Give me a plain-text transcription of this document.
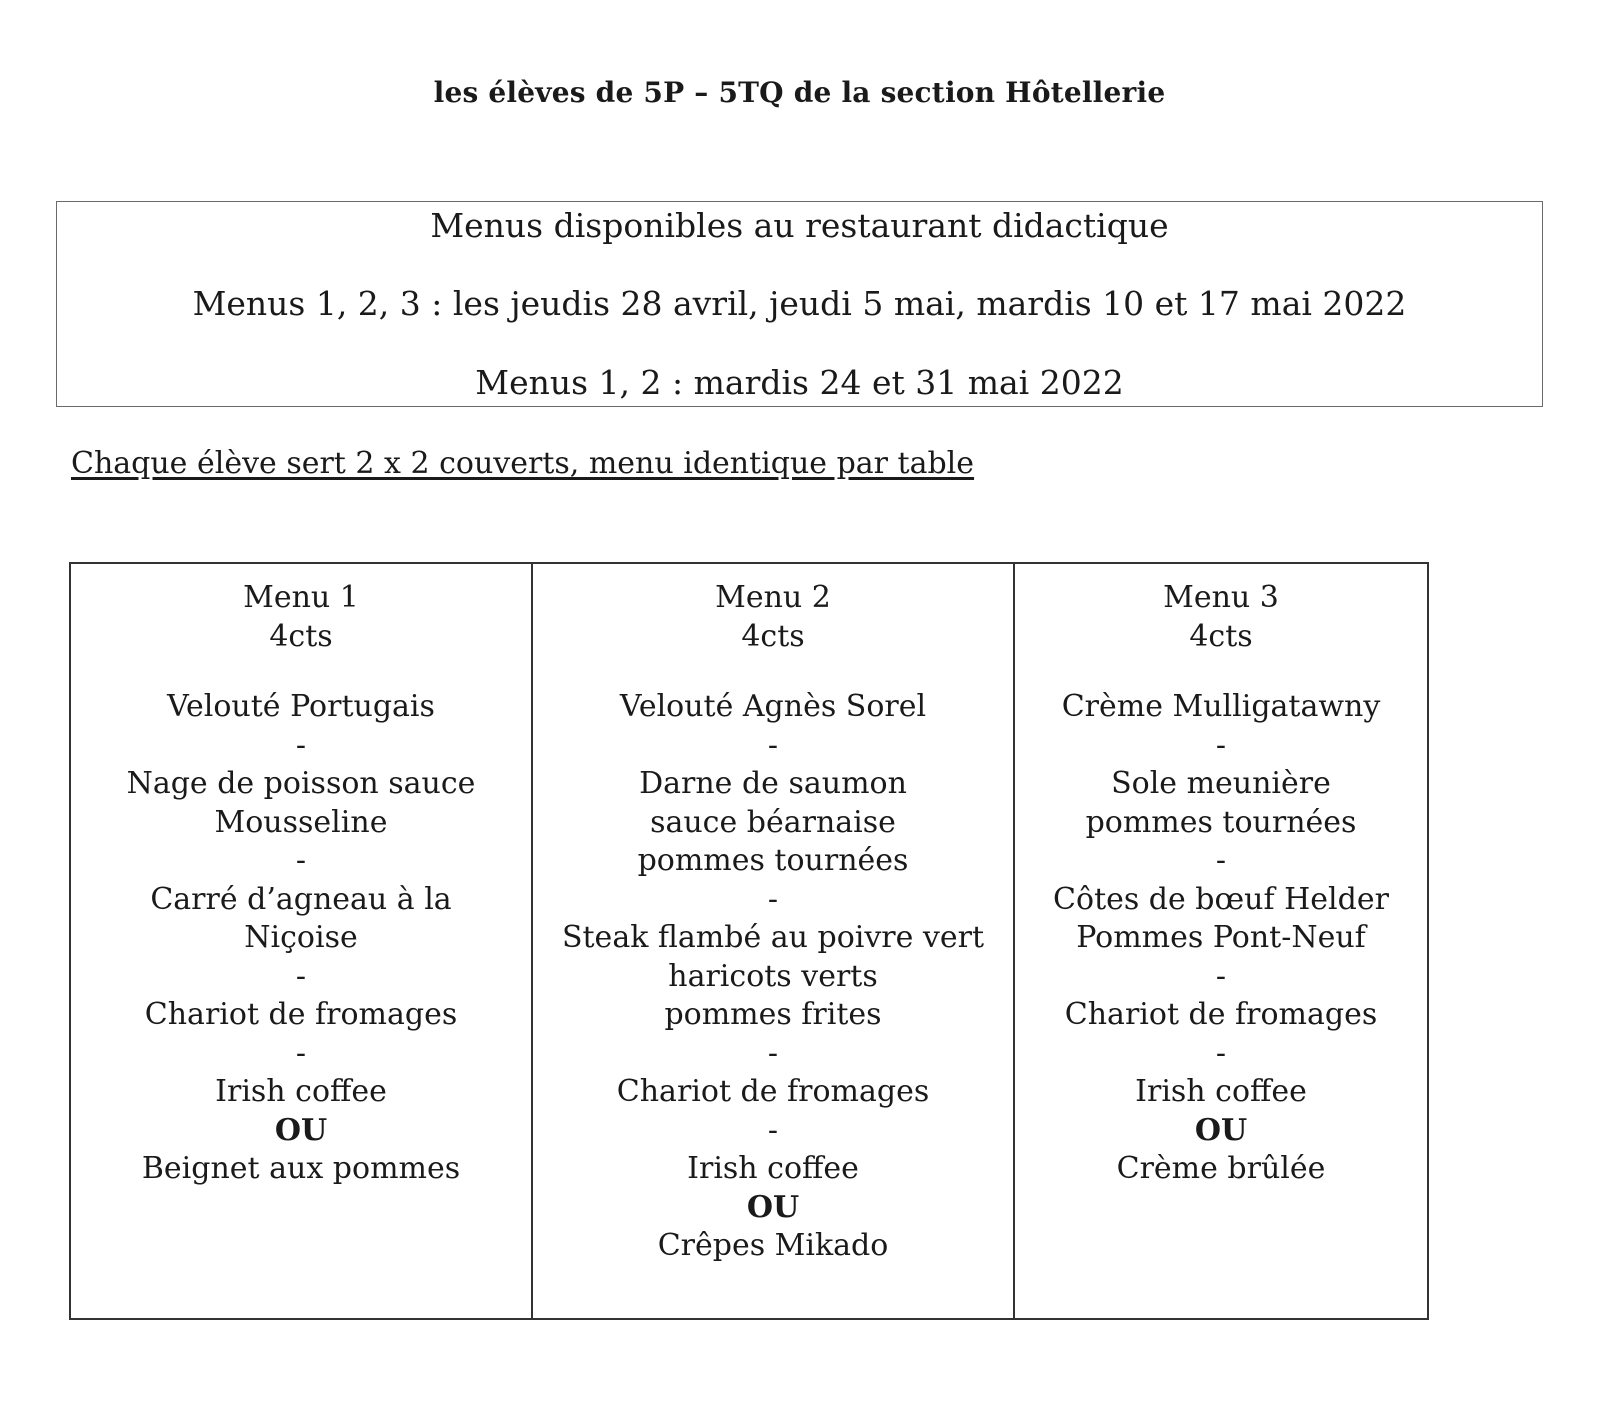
les élèves de 5P – 5TQ de la section Hôtellerie
Menus disponibles au restaurant didactique
Menus 1, 2, 3 : les jeudis 28 avril, jeudi 5 mai, mardis 10 et 17 mai 2022
Menus 1, 2 : mardis 24 et 31 mai 2022
Chaque élève sert 2 x 2 couverts, menu identique par table
Menu 1
4cts
Velouté Portugais
-
Nage de poisson sauce
Mousseline
-
Carré d’agneau à la
Niçoise
-
Chariot de fromages
-
Irish coffee
OU
Beignet aux pommes
Menu 2
4cts
Velouté Agnès Sorel
-
Darne de saumon
sauce béarnaise
pommes tournées
-
Steak flambé au poivre vert
haricots verts
pommes frites
-
Chariot de fromages
-
Irish coffee
OU
Crêpes Mikado
Menu 3
4cts
Crème Mulligatawny
-
Sole meunière
pommes tournées
-
Côtes de bœuf Helder
Pommes Pont-Neuf
-
Chariot de fromages
-
Irish coffee
OU
Crème brûlée
